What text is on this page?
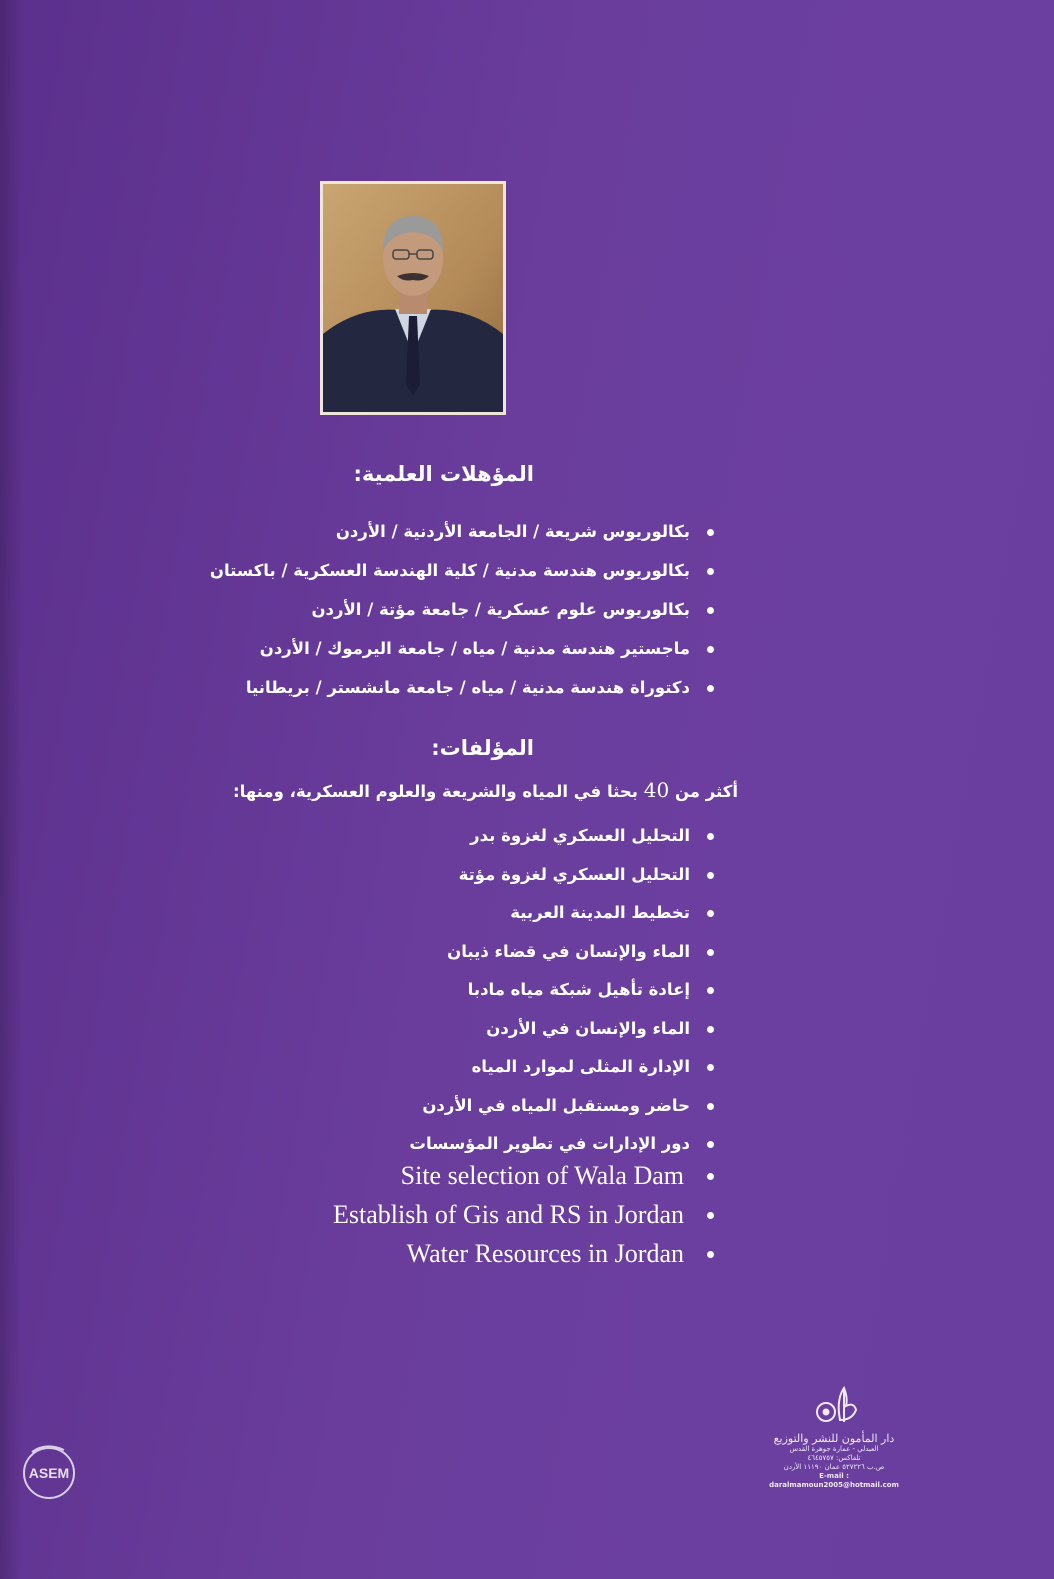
المؤهلات العلمية:
بكالوريوس شريعة / الجامعة الأردنية / الأردن
بكالوريوس هندسة مدنية / كلية الهندسة العسكرية / باكستان
بكالوريوس علوم عسكرية / جامعة مؤتة / الأردن
ماجستير هندسة مدنية / مياه / جامعة اليرموك / الأردن
دكتوراة هندسة مدنية / مياه / جامعة مانشستر / بريطانيا
المؤلفات:
أكثر من 40 بحثا في المياه والشريعة والعلوم العسكرية، ومنها:
التحليل العسكري لغزوة بدر
التحليل العسكري لغزوة مؤتة
تخطيط المدينة العربية
الماء والإنسان في قضاء ذيبان
إعادة تأهيل شبكة مياه مادبا
الماء والإنسان في الأردن
الإدارة المثلى لموارد المياه
حاضر ومستقبل المياه في الأردن
دور الإدارات في تطوير المؤسسات
Site selection of Wala Dam
Establish of Gis and RS in Jordan
Water Resources in Jordan
دار المأمون للنشر والتوزيع
العبدلي - عمارة جوهرة القدس
تلفاكس: ٤٦٤٥٧٥٧
ص.ب ٥٢٧٢٢٦ عمان ١١١٩٠ الأردن
E-mail : daralmamoun2005@hotmail.com
ASEM
